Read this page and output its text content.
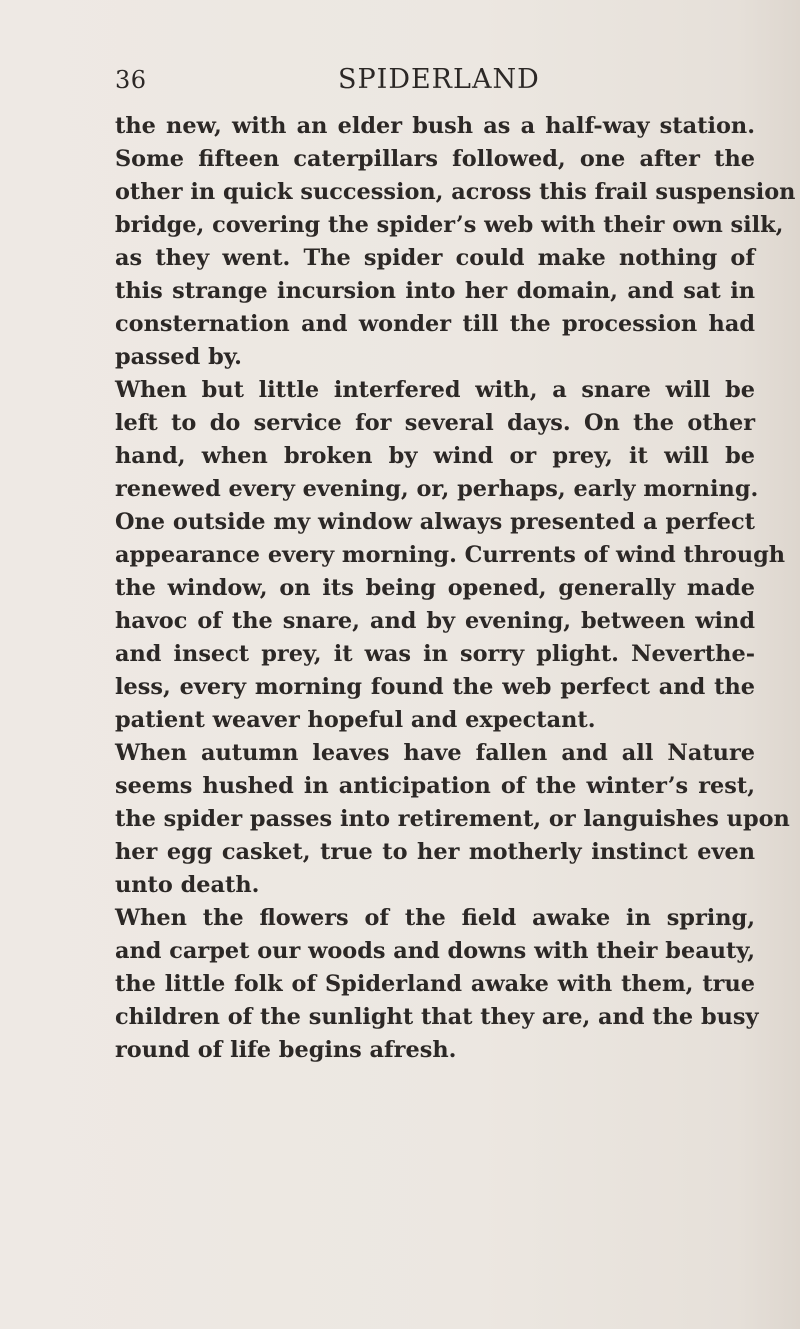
36	SPIDERLAND
the new, with an elder bush as a half-way station.
Some fifteen caterpillars followed, one after the
other in quick succession, across this frail suspension
bridge, covering the spider’s web with their own silk,
as they went. The spider could make nothing of
this strange incursion into her domain, and sat in
consternation and wonder till the procession had
passed by.
When but little interfered with, a snare will be
left to do service for several days. On the other
hand, when broken by wind or prey, it will be
renewed every evening, or, perhaps, early morning.
One outside my window always presented a perfect
appearance every morning. Currents of wind through
the window, on its being opened, generally made
havoc of the snare, and by evening, between wind
and insect prey, it was in sorry plight. Neverthe-
less, every morning found the web perfect and the
patient weaver hopeful and expectant.
When autumn leaves have fallen and all Nature
seems hushed in anticipation of the winter’s rest,
the spider passes into retirement, or languishes upon
her egg casket, true to her motherly instinct even
unto death.
When the flowers of the field awake in spring,
and carpet our woods and downs with their beauty,
the little folk of Spiderland awake with them, true
children of the sunlight that they are, and the busy
round of life begins afresh.
